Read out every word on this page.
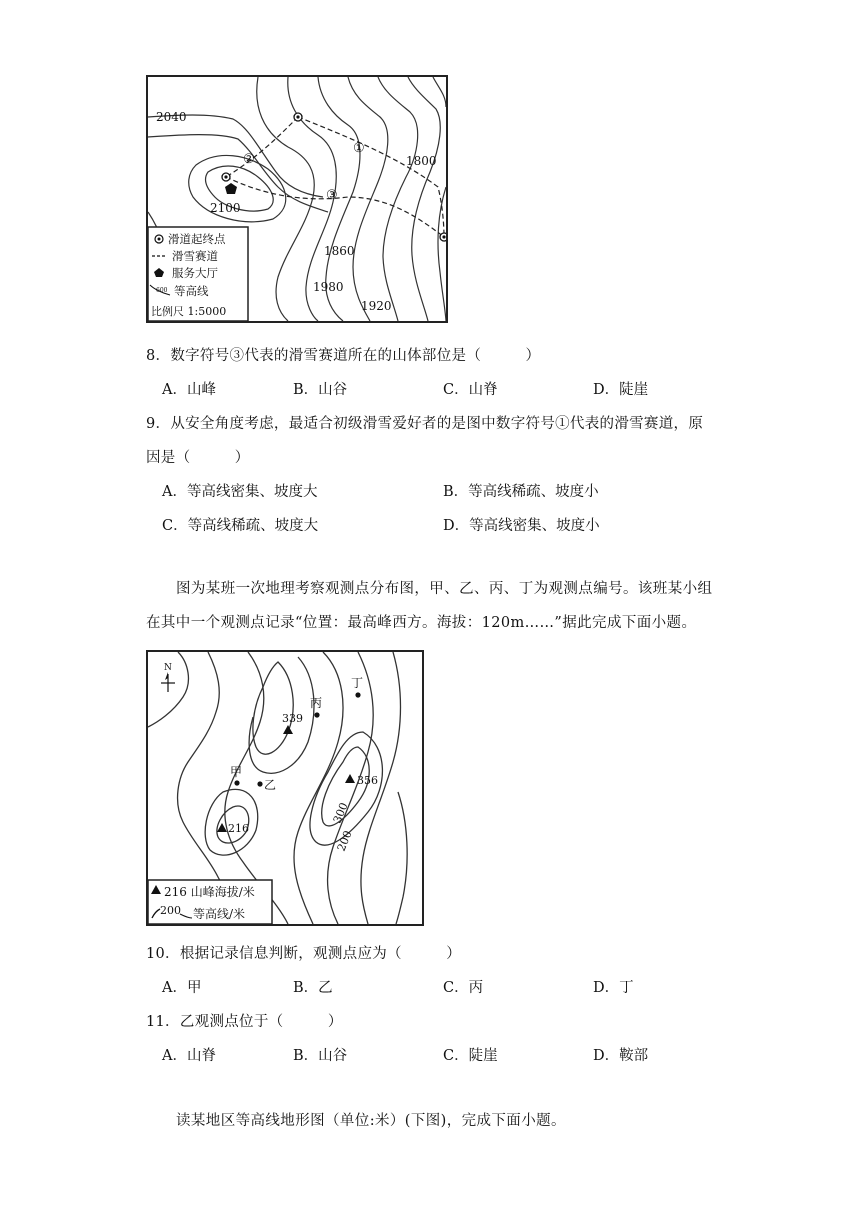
2040
2100
1800
1860
1980
1920
①
②
③
滑道起终点
滑雪赛道
服务大厅
600 等高线
比例尺 1:5000
8．数字符号③代表的滑雪赛道所在的山体部位是（　　　）
A．山峰	B．山谷	C．山脊	D．陡崖
9．从安全角度考虑，最适合初级滑雪爱好者的是图中数字符号①代表的滑雪赛道，原
因是（　　　）
A．等高线密集、坡度大	B．等高线稀疏、坡度小
C．等高线稀疏、坡度大	D．等高线密集、坡度小
图为某班一次地理考察观测点分布图，甲、乙、丙、丁为观测点编号。该班某小组在其中一个观测点记录“位置：最高峰西方。海拔：120m……”据此完成下面小题。
N
甲
乙
丙
丁
339
356
216
300
200
216 山峰海拔/米
200 等高线/米
10．根据记录信息判断，观测点应为（　　　）
A．甲	B．乙	C．丙	D．丁
11．乙观测点位于（　　　）
A．山脊	B．山谷	C．陡崖	D．鞍部
读某地区等高线地形图（单位:米）(下图)，完成下面小题。
